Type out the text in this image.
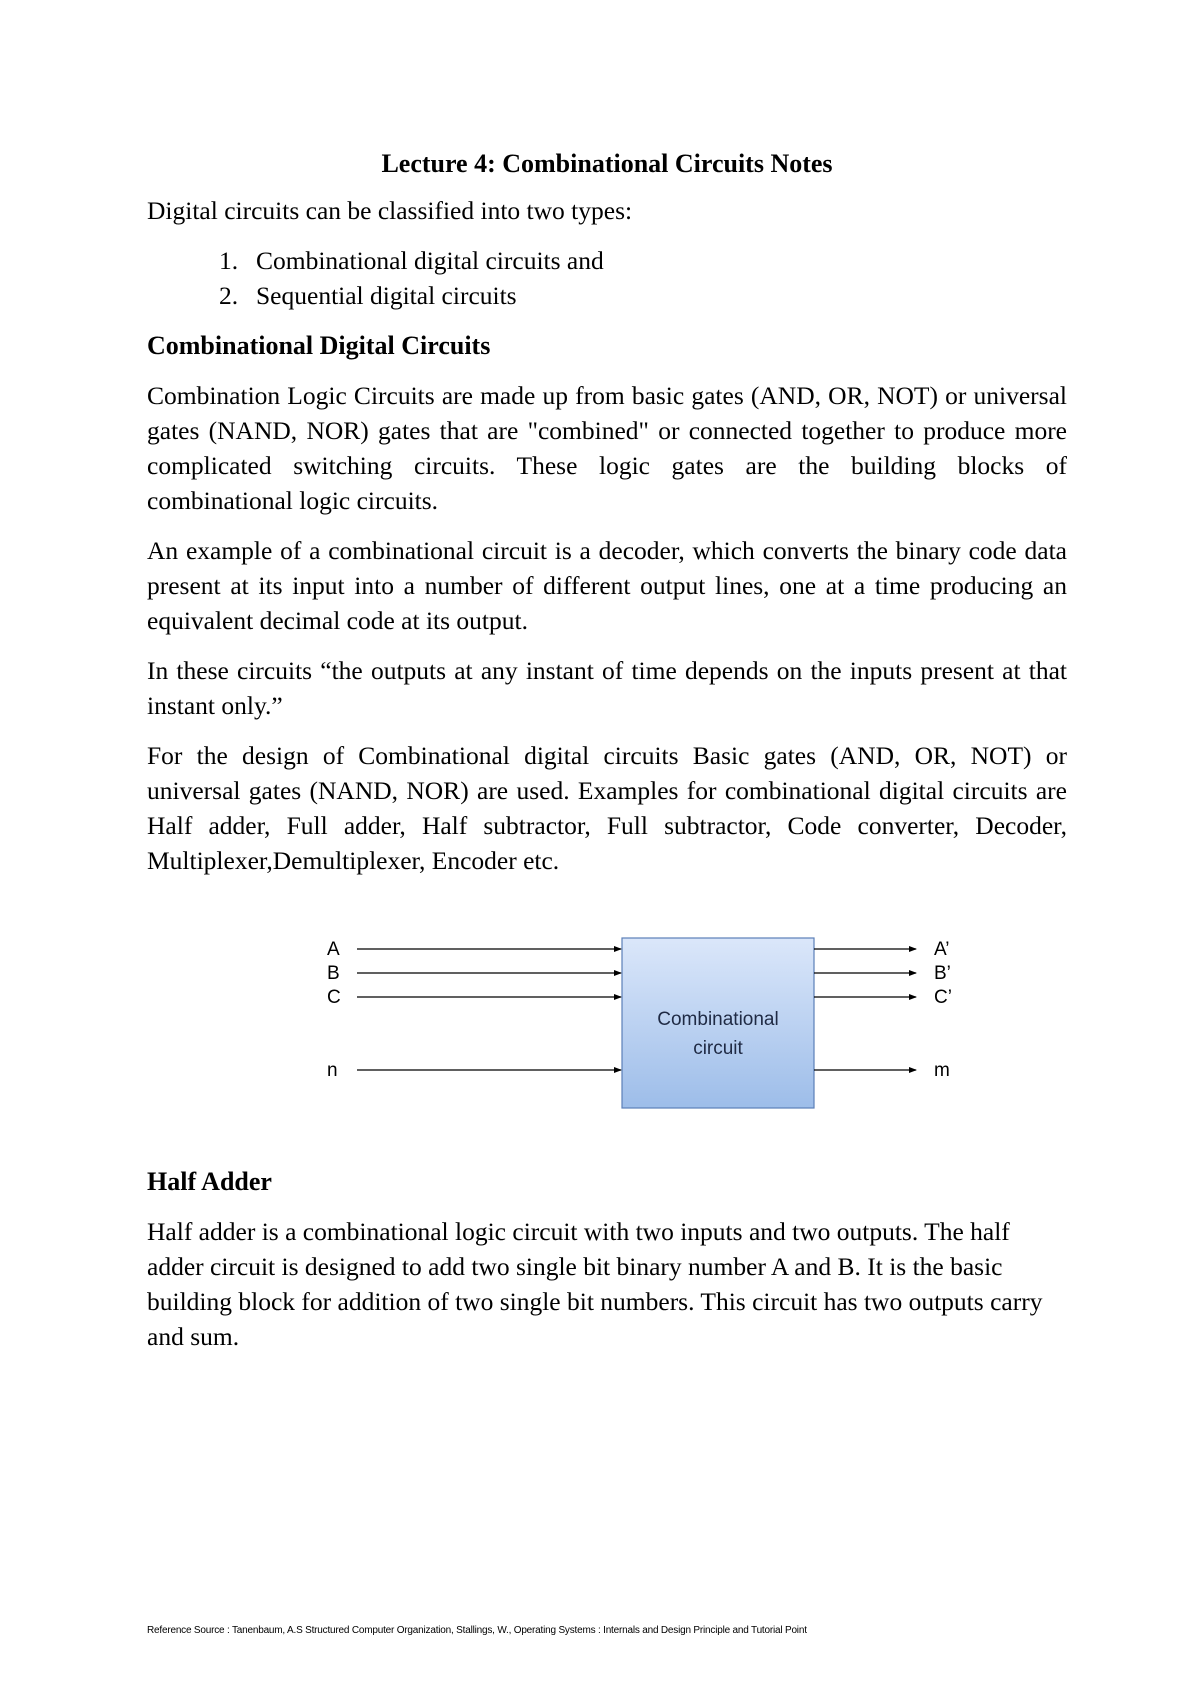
Lecture 4: Combinational Circuits Notes

Digital circuits can be classified into two types:

1. Combinational digital circuits and
2. Sequential digital circuits
Combinational Digital Circuits

Combination Logic Circuits are made up from basic gates (AND, OR, NOT) or universal gates (NAND, NOR) gates that are "combined" or connected together to produce more complicated switching circuits. These logic gates are the building blocks of combinational logic circuits.

An example of a combinational circuit is a decoder, which converts the binary code data present at its input into a number of different output lines, one at a time producing an equivalent decimal code at its output.

In these circuits “the outputs at any instant of time depends on the inputs present at that instant only.”

For the design of Combinational digital circuits Basic gates (AND, OR, NOT) or universal gates (NAND, NOR) are used. Examples for combinational digital circuits are Half adder, Full adder, Half subtractor, Full subtractor, Code converter, Decoder, Multiplexer,Demultiplexer, Encoder etc.

Combinational
circuit
A
B
C
n
A’
B’
C’
m
Half Adder

Half adder is a combinational logic circuit with two inputs and two outputs. The half adder circuit is designed to add two single bit binary number A and B. It is the basic building block for addition of two single bit numbers. This circuit has two outputs carry and sum.

Reference Source : Tanenbaum, A.S Structured Computer Organization, Stallings, W., Operating Systems : Internals and Design Principle and Tutorial Point
